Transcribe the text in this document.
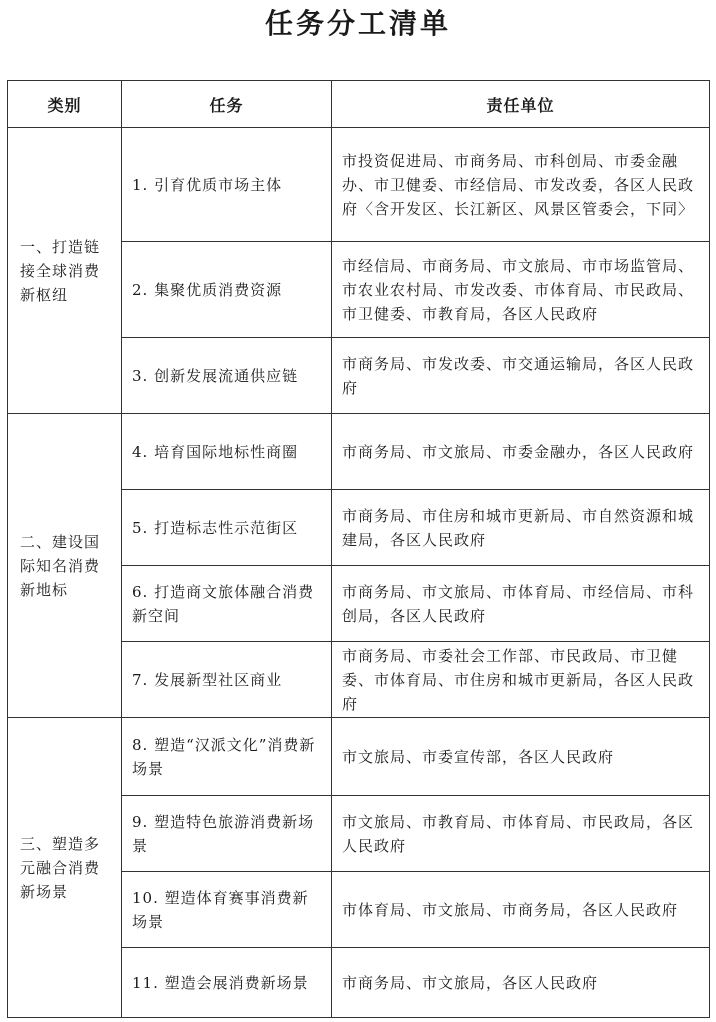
任务分工清单
类别	任务	责任单位

一、打造链接全球消费新枢纽	1. 引育优质市场主体	市投资促进局、市商务局、市科创局、市委金融办、市卫健委、市经信局、市发改委，各区人民政府〈含开发区、长江新区、风景区管委会，下同〉

	2. 集聚优质消费资源	市经信局、市商务局、市文旅局、市市场监管局、市农业农村局、市发改委、市体育局、市民政局、市卫健委、市教育局，各区人民政府

	3. 创新发展流通供应链	市商务局、市发改委、市交通运输局，各区人民政府

二、建设国际知名消费新地标	4. 培育国际地标性商圈	市商务局、市文旅局、市委金融办，各区人民政府

	5. 打造标志性示范街区	市商务局、市住房和城市更新局、市自然资源和城建局，各区人民政府

	6. 打造商文旅体融合消费新空间	市商务局、市文旅局、市体育局、市经信局、市科创局，各区人民政府

	7. 发展新型社区商业	市商务局、市委社会工作部、市民政局、市卫健委、市体育局、市住房和城市更新局，各区人民政府

三、塑造多元融合消费新场景	8. 塑造“汉派文化”消费新场景	市文旅局、市委宣传部，各区人民政府

	9. 塑造特色旅游消费新场景	市文旅局、市教育局、市体育局、市民政局，各区人民政府

	10. 塑造体育赛事消费新场景	市体育局、市文旅局、市商务局，各区人民政府

	11. 塑造会展消费新场景	市商务局、市文旅局，各区人民政府
